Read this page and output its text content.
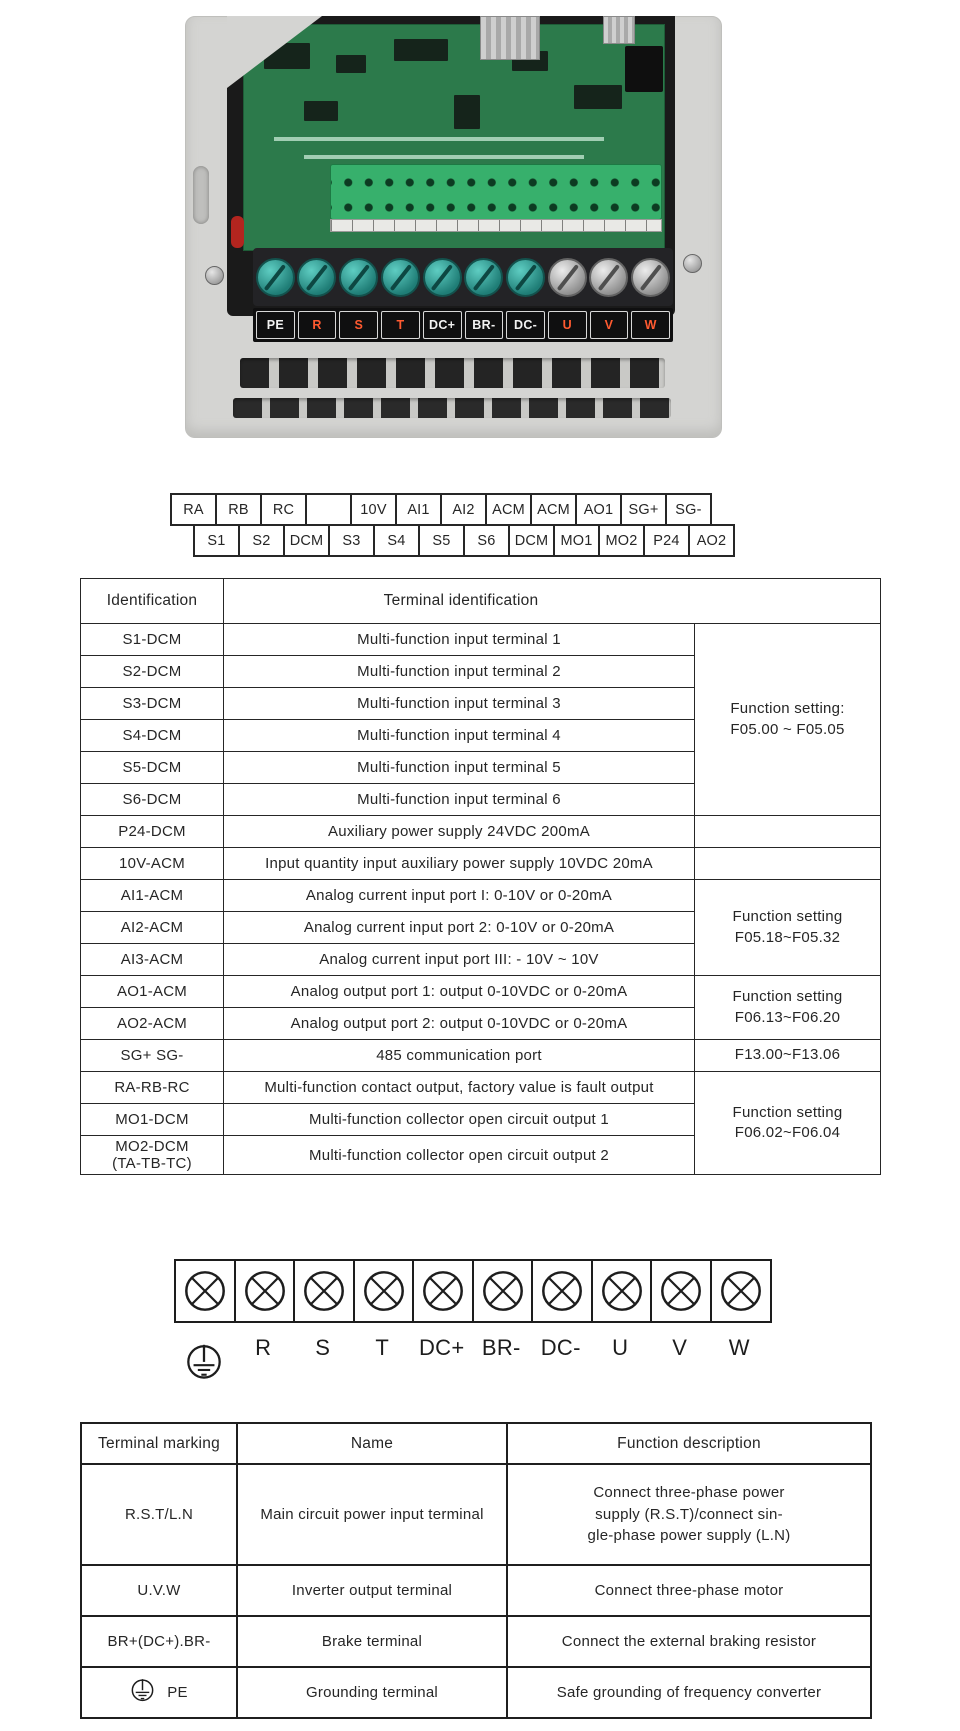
PE	R	S	T	DC+	BR-	DC-	U	V	W
RA	RB	RC	10V	AI1	AI2	ACM ACM AO1	SG+	SG-
S1	S2	DCM	S3	S4	S5	S6	DCM MO1 MO2	P24	AO2
Identification	Terminal identification	

S1-DCM	Multi-function input terminal 1	Function setting:
F05.00 ~ F05.05

S2-DCM	Multi-function input terminal 2	

S3-DCM	Multi-function input terminal 3	

S4-DCM	Multi-function input terminal 4	

S5-DCM	Multi-function input terminal 5	

S6-DCM	Multi-function input terminal 6	

P24-DCM	Auxiliary power supply 24VDC 200mA	

10V-ACM	Input quantity input auxiliary power supply 10VDC 20mA	

AI1-ACM	Analog current input port I: 0-10V or 0-20mA	Function setting
F05.18~F05.32

AI2-ACM	Analog current input port 2: 0-10V or 0-20mA	

AI3-ACM	Analog current input port III: - 10V ~ 10V	

AO1-ACM	Analog output port 1: output 0-10VDC or 0-20mA	Function setting
F06.13~F06.20

AO2-ACM	Analog output port 2: output 0-10VDC or 0-20mA	

SG+ SG-	485 communication port	F13.00~F13.06

RA-RB-RC	Multi-function contact output, factory value is fault output	Function setting
F06.02~F06.04

MO1-DCM	Multi-function collector open circuit output 1	

MO2-DCM
(TA-TB-TC)	Multi-function collector open circuit output 2	
R	S	T	DC+ BR- DC-	U	V	W
Terminal marking	Name	Function description
R.S.T/L.N	Main circuit power input terminal	Connect three-phase power
supply (R.S.T)/connect sin-
gle-phase power supply (L.N)

U.V.W	Inverter output terminal	Connect three-phase motor

BR+(DC+).BR-	Brake terminal	Connect the external braking resistor

PE	Grounding terminal	Safe grounding of frequency converter
